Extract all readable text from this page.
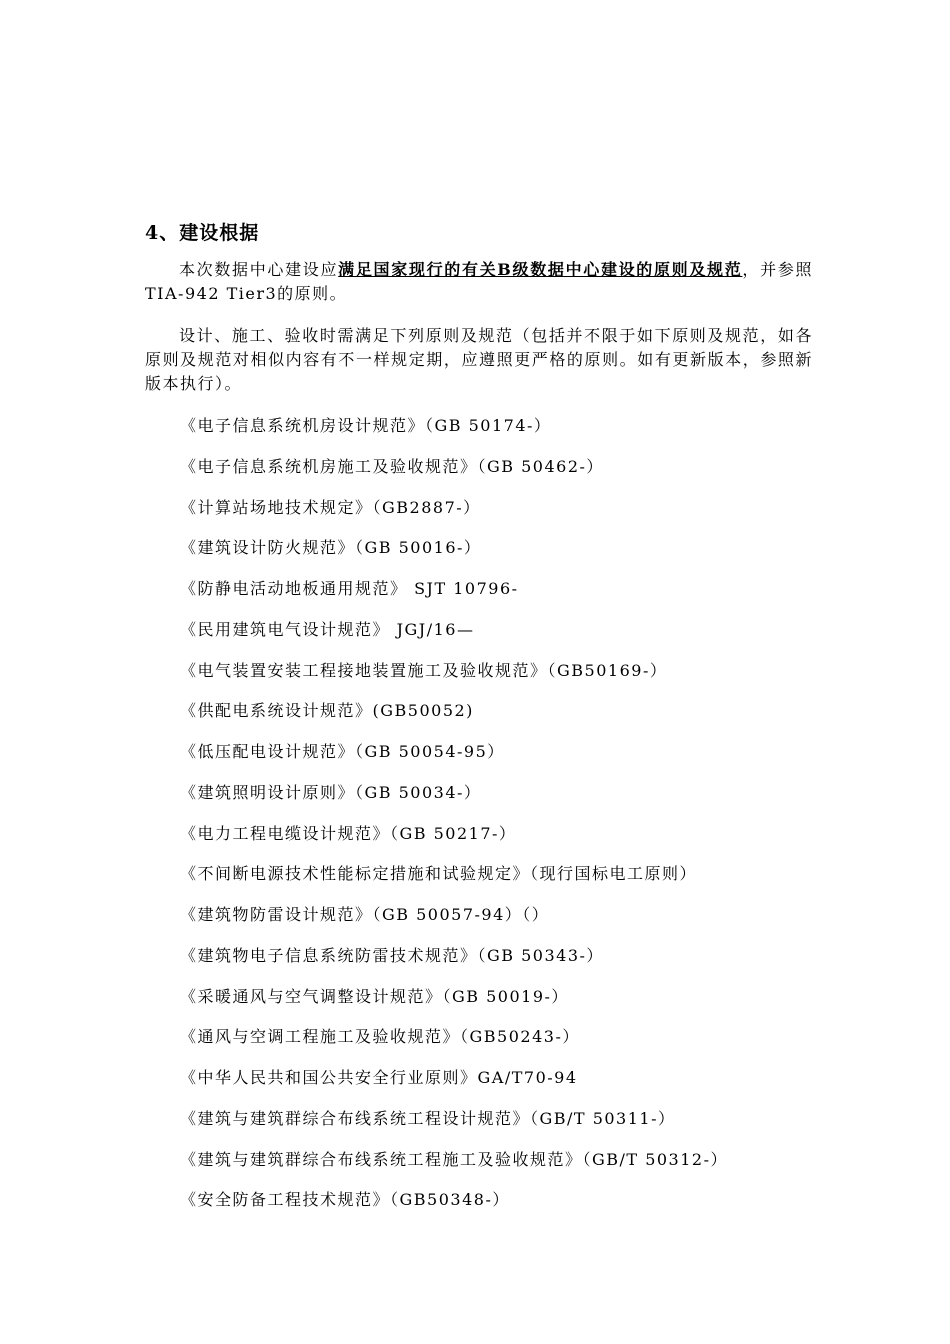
4、建设根据

本次数据中心建设应满足国家现行的有关B级数据中心建设的原则及规范，并参照TIA-942 Tier3的原则。

设计、施工、验收时需满足下列原则及规范（包括并不限于如下原则及规范，如各原则及规范对相似内容有不一样规定期，应遵照更严格的原则。如有更新版本，参照新版本执行）。

《电子信息系统机房设计规范》（GB 50174-）
《电子信息系统机房施工及验收规范》（GB 50462-）
《计算站场地技术规定》（GB2887-）
《建筑设计防火规范》（GB 50016-）
《防静电活动地板通用规范》 SJT 10796-
《民用建筑电气设计规范》 JGJ/16—
《电气装置安装工程接地装置施工及验收规范》（GB50169-）
《供配电系统设计规范》(GB50052)
《低压配电设计规范》（GB 50054-95）
《建筑照明设计原则》（GB 50034-）
《电力工程电缆设计规范》（GB 50217-）
《不间断电源技术性能标定措施和试验规定》（现行国标电工原则）
《建筑物防雷设计规范》（GB 50057-94）（）
《建筑物电子信息系统防雷技术规范》（GB 50343-）
《采暖通风与空气调整设计规范》（GB 50019-）
《通风与空调工程施工及验收规范》（GB50243-）
《中华人民共和国公共安全行业原则》GA/T70-94
《建筑与建筑群综合布线系统工程设计规范》（GB/T 50311-）
《建筑与建筑群综合布线系统工程施工及验收规范》（GB/T 50312-）
《安全防备工程技术规范》（GB50348-）
